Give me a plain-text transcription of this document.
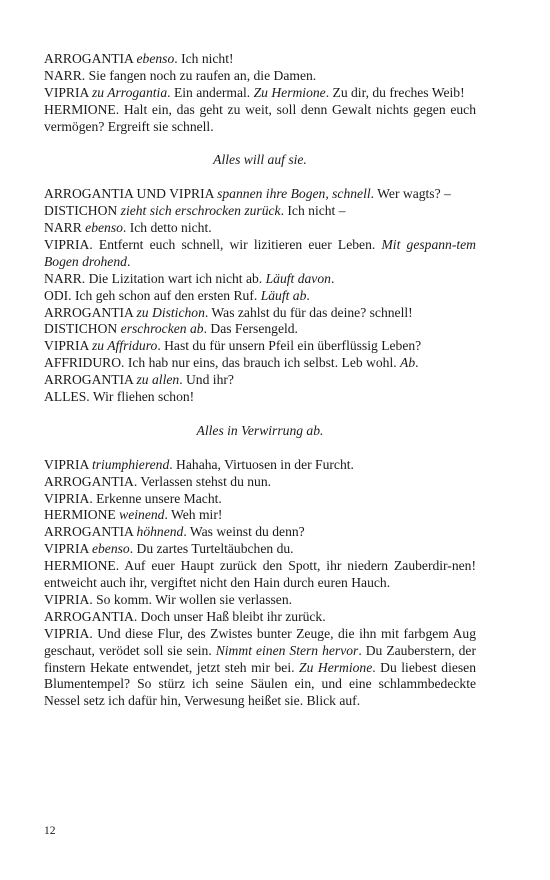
ARROGANTIA ebenso. Ich nicht!

NARR. Sie fangen noch zu raufen an, die Damen.

VIPRIA zu Arrogantia. Ein andermal. Zu Hermione. Zu dir, du freches Weib!

HERMIONE. Halt ein, das geht zu weit, soll denn Gewalt nichts gegen euch vermögen? Ergreift sie schnell.

Alles will auf sie.

ARROGANTIA UND VIPRIA spannen ihre Bogen, schnell. Wer wagts? –

DISTICHON zieht sich erschrocken zurück. Ich nicht –

NARR ebenso. Ich detto nicht.

VIPRIA. Entfernt euch schnell, wir lizitieren euer Leben. Mit gespann-tem Bogen drohend.

NARR. Die Lizitation wart ich nicht ab. Läuft davon.

ODI. Ich geh schon auf den ersten Ruf. Läuft ab.

ARROGANTIA zu Distichon. Was zahlst du für das deine? schnell!

DISTICHON erschrocken ab. Das Fersengeld.

VIPRIA zu Affriduro. Hast du für unsern Pfeil ein überflüssig Leben?

AFFRIDURO. Ich hab nur eins, das brauch ich selbst. Leb wohl. Ab.

ARROGANTIA zu allen. Und ihr?

ALLES. Wir fliehen schon!

Alles in Verwirrung ab.

VIPRIA triumphierend. Hahaha, Virtuosen in der Furcht.

ARROGANTIA. Verlassen stehst du nun.

VIPRIA. Erkenne unsere Macht.

HERMIONE weinend. Weh mir!

ARROGANTIA höhnend. Was weinst du denn?

VIPRIA ebenso. Du zartes Turteltäubchen du.

HERMIONE. Auf euer Haupt zurück den Spott, ihr niedern Zauberdir-nen! entweicht auch ihr, vergiftet nicht den Hain durch euren Hauch.

VIPRIA. So komm. Wir wollen sie verlassen.

ARROGANTIA. Doch unser Haß bleibt ihr zurück.

VIPRIA. Und diese Flur, des Zwistes bunter Zeuge, die ihn mit farbgem Aug geschaut, verödet soll sie sein. Nimmt einen Stern hervor. Du Zauberstern, der finstern Hekate entwendet, jetzt steh mir bei. Zu Hermione. Du liebest diesen Blumentempel? So stürz ich seine Säulen ein, und eine schlammbedeckte Nessel setz ich dafür hin, Verwesung heißet sie. Blick auf.

12
